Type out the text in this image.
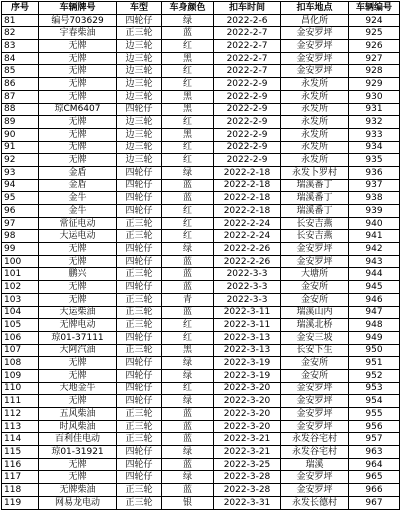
序号	车辆牌号	车型	车身颜色	扣车时间	扣车地点	车辆编号
81	编号703629	四轮仔	绿	2022-2-6	昌化所	924
82	宇春柴油	正三轮	蓝	2022-2-7	金安罗坪	925
83	无牌	边三轮	红	2022-2-7	金安罗坪	926
84	无牌	边三轮	黑	2022-2-7	金安罗坪	927
85	无牌	边三轮	红	2022-2-7	金安罗坪	928
86	无牌	边三轮	红	2022-2-9	永发所	929
87	无牌	边三轮	黑	2022-2-9	永发所	930
88	琼CM6407	四轮仔	黑	2022-2-9	永发所	931
89	无牌	边三轮	红	2022-2-9	永发所	932
90	无牌	边三轮	黑	2022-2-9	永发所	933
91	无牌	边三轮	红	2022-2-9	永发所	934
92	无牌	边三轮	红	2022-2-9	永发所	935
93	金盾	四轮仔	绿	2022-2-18	永发卜罗村	936
94	金盾	四轮仔	蓝	2022-2-18	瑞溪番丁	937
95	金牛	四轮仔	蓝	2022-2-18	瑞溪番丁	938
96	金牛	四轮仔	红	2022-2-18	瑞溪番丁	939
97	常征电动	正三轮	红	2022-2-24	长安吉燕	940
98	大运电动	正三轮	红	2022-2-24	长安吉燕	941
99	无牌	四轮仔	绿	2022-2-26	金安罗坪	942
100	无牌	四轮仔	蓝	2022-2-26	金安罗坪	943
101	鹏兴	正三轮	蓝	2022-3-3	大塘所	944
102	无牌	四轮仔	蓝	2022-3-3	金安所	945
103	无牌	正三轮	青	2022-3-3	金安所	946
104	大运柴油	正三轮	蓝	2022-3-11	瑞溪山内	947
105	无牌电动	正三轮	红	2022-3-11	瑞溪北桥	948
106	琼01-37111	四轮仔	红	2022-3-13	金安三坡	949
107	大阿汽油	正三轮	黑	2022-3-13	长安下生	950
108	无牌	四轮仔	绿	2022-3-19	金安所	951
109	无牌	四轮仔	绿	2022-3-19	金安所	952
110	大地金牛	四轮仔	红	2022-3-20	金安罗坪	953
111	无牌	四轮仔	绿	2022-3-20	金安罗坪	954
112	五风柴油	正三轮	蓝	2022-3-20	金安罗坪	955
113	时风柴油	正三轮	蓝	2022-3-20	金安罗坪	956
114	百利佳电动	正三轮	蓝	2022-3-21	永发谷宅村	957
115	琼01-31921	四轮仔	绿	2022-3-21	永发谷宅村	963
116	无牌	四轮仔	蓝	2022-3-25	瑞溪	964
117	无牌	四轮仔	绿	2022-3-28	金安罗坪	965
118	无牌柴油	正三轮	蓝	2022-3-28	金安罗坪	966
119	网易龙电动	正三轮	银	2022-3-31	永发长德村	967
